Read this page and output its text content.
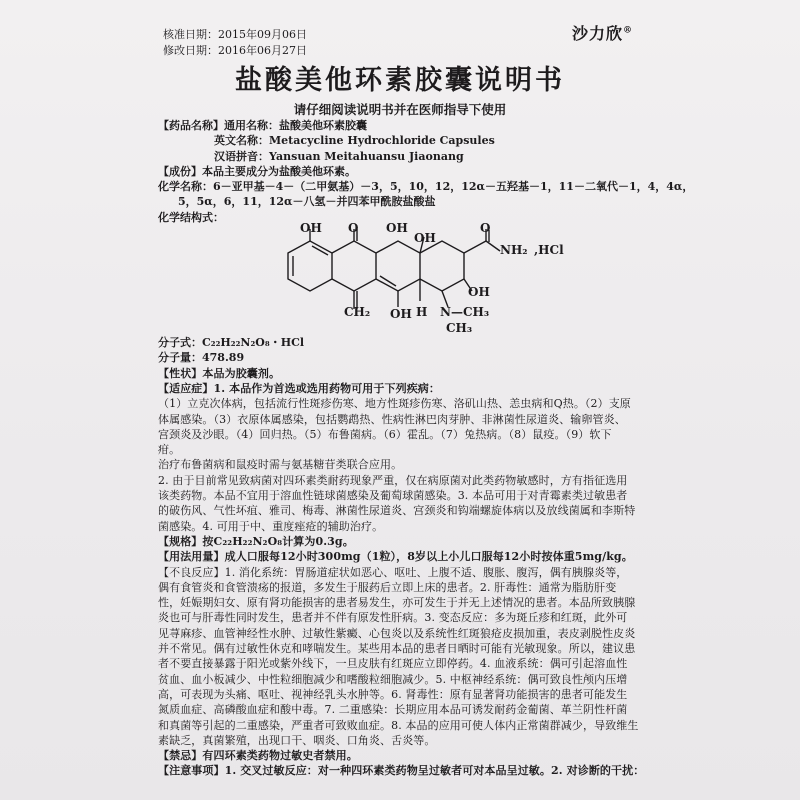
核准日期：2015年09月06日
修改日期：2016年06月27日
沙力欣®
盐酸美他环素胶囊说明书
请仔细阅读说明书并在医师指导下使用
【药品名称】通用名称：盐酸美他环素胶囊
英文名称：Metacycline Hydrochloride Capsules
汉语拼音：Yansuan Meitahuansu Jiaonang
【成份】本品主要成分为盐酸美他环素。
化学名称：6－亚甲基－4－（二甲氨基）－3，5，10，12，12α－五羟基－1，11－二氧代－1，4，4α，
5，5α，6，11，12α－八氢－并四苯甲酰胺盐酸盐
化学结构式：
OH O OH
OH
O
NH₂ ,HCl
OH
CH₂ OH H N—CH₃
CH₃
分子式：C₂₂H₂₂N₂O₈・HCl
分子量：478.89
【性状】本品为胶囊剂。
【适应症】1. 本品作为首选或选用药物可用于下列疾病：
（1）立克次体病，包括流行性斑疹伤寒、地方性斑疹伤寒、洛矶山热、恙虫病和Q热。（2）支原
体属感染。（3）衣原体属感染，包括鹦鹉热、性病性淋巴肉芽肿、非淋菌性尿道炎、输卵管炎、
宫颈炎及沙眼。（4）回归热。（5）布鲁菌病。（6）霍乱。（7）兔热病。（8）鼠疫。（9）软下
疳。
治疗布鲁菌病和鼠疫时需与氨基糖苷类联合应用。
2. 由于目前常见致病菌对四环素类耐药现象严重，仅在病原菌对此类药物敏感时，方有指征选用
该类药物。本品不宜用于溶血性链球菌感染及葡萄球菌感染。3. 本品可用于对青霉素类过敏患者
的破伤风、气性坏疽、雅司、梅毒、淋菌性尿道炎、宫颈炎和钩端螺旋体病以及放线菌属和李斯特
菌感染。4. 可用于中、重度痤疮的辅助治疗。
【规格】按C₂₂H₂₂N₂O₈计算为0.3g。
【用法用量】成人口服每12小时300mg（1粒），8岁以上小儿口服每12小时按体重5mg/kg。
【不良反应】1. 消化系统：胃肠道症状如恶心、呕吐、上腹不适、腹胀、腹泻，偶有胰腺炎等，
偶有食管炎和食管溃疡的报道，多发生于服药后立即上床的患者。2. 肝毒性：通常为脂肪肝变
性，妊娠期妇女、原有肾功能损害的患者易发生，亦可发生于并无上述情况的患者。本品所致胰腺
炎也可与肝毒性同时发生，患者并不伴有原发性肝病。3. 变态反应：多为斑丘疹和红斑，此外可
见荨麻疹、血管神经性水肿、过敏性紫癜、心包炎以及系统性红斑狼疮皮损加重，表皮剥脱性皮炎
并不常见。偶有过敏性休克和哮喘发生。某些用本品的患者日晒时可能有光敏现象。所以，建议患
者不要直接暴露于阳光或紫外线下，一旦皮肤有红斑应立即停药。4. 血液系统：偶可引起溶血性
贫血、血小板减少、中性粒细胞减少和嗜酸粒细胞减少。5. 中枢神经系统：偶可致良性颅内压增
高，可表现为头痛、呕吐、视神经乳头水肿等。6. 肾毒性：原有显著肾功能损害的患者可能发生
氮质血症、高磷酸血症和酸中毒。7. 二重感染：长期应用本品可诱发耐药金葡菌、革兰阴性杆菌
和真菌等引起的二重感染，严重者可致败血症。8. 本品的应用可使人体内正常菌群减少，导致维生
素缺乏，真菌繁殖，出现口干、咽炎、口角炎、舌炎等。
【禁忌】有四环素类药物过敏史者禁用。
【注意事项】1. 交叉过敏反应：对一种四环素类药物呈过敏者可对本品呈过敏。2. 对诊断的干扰：
